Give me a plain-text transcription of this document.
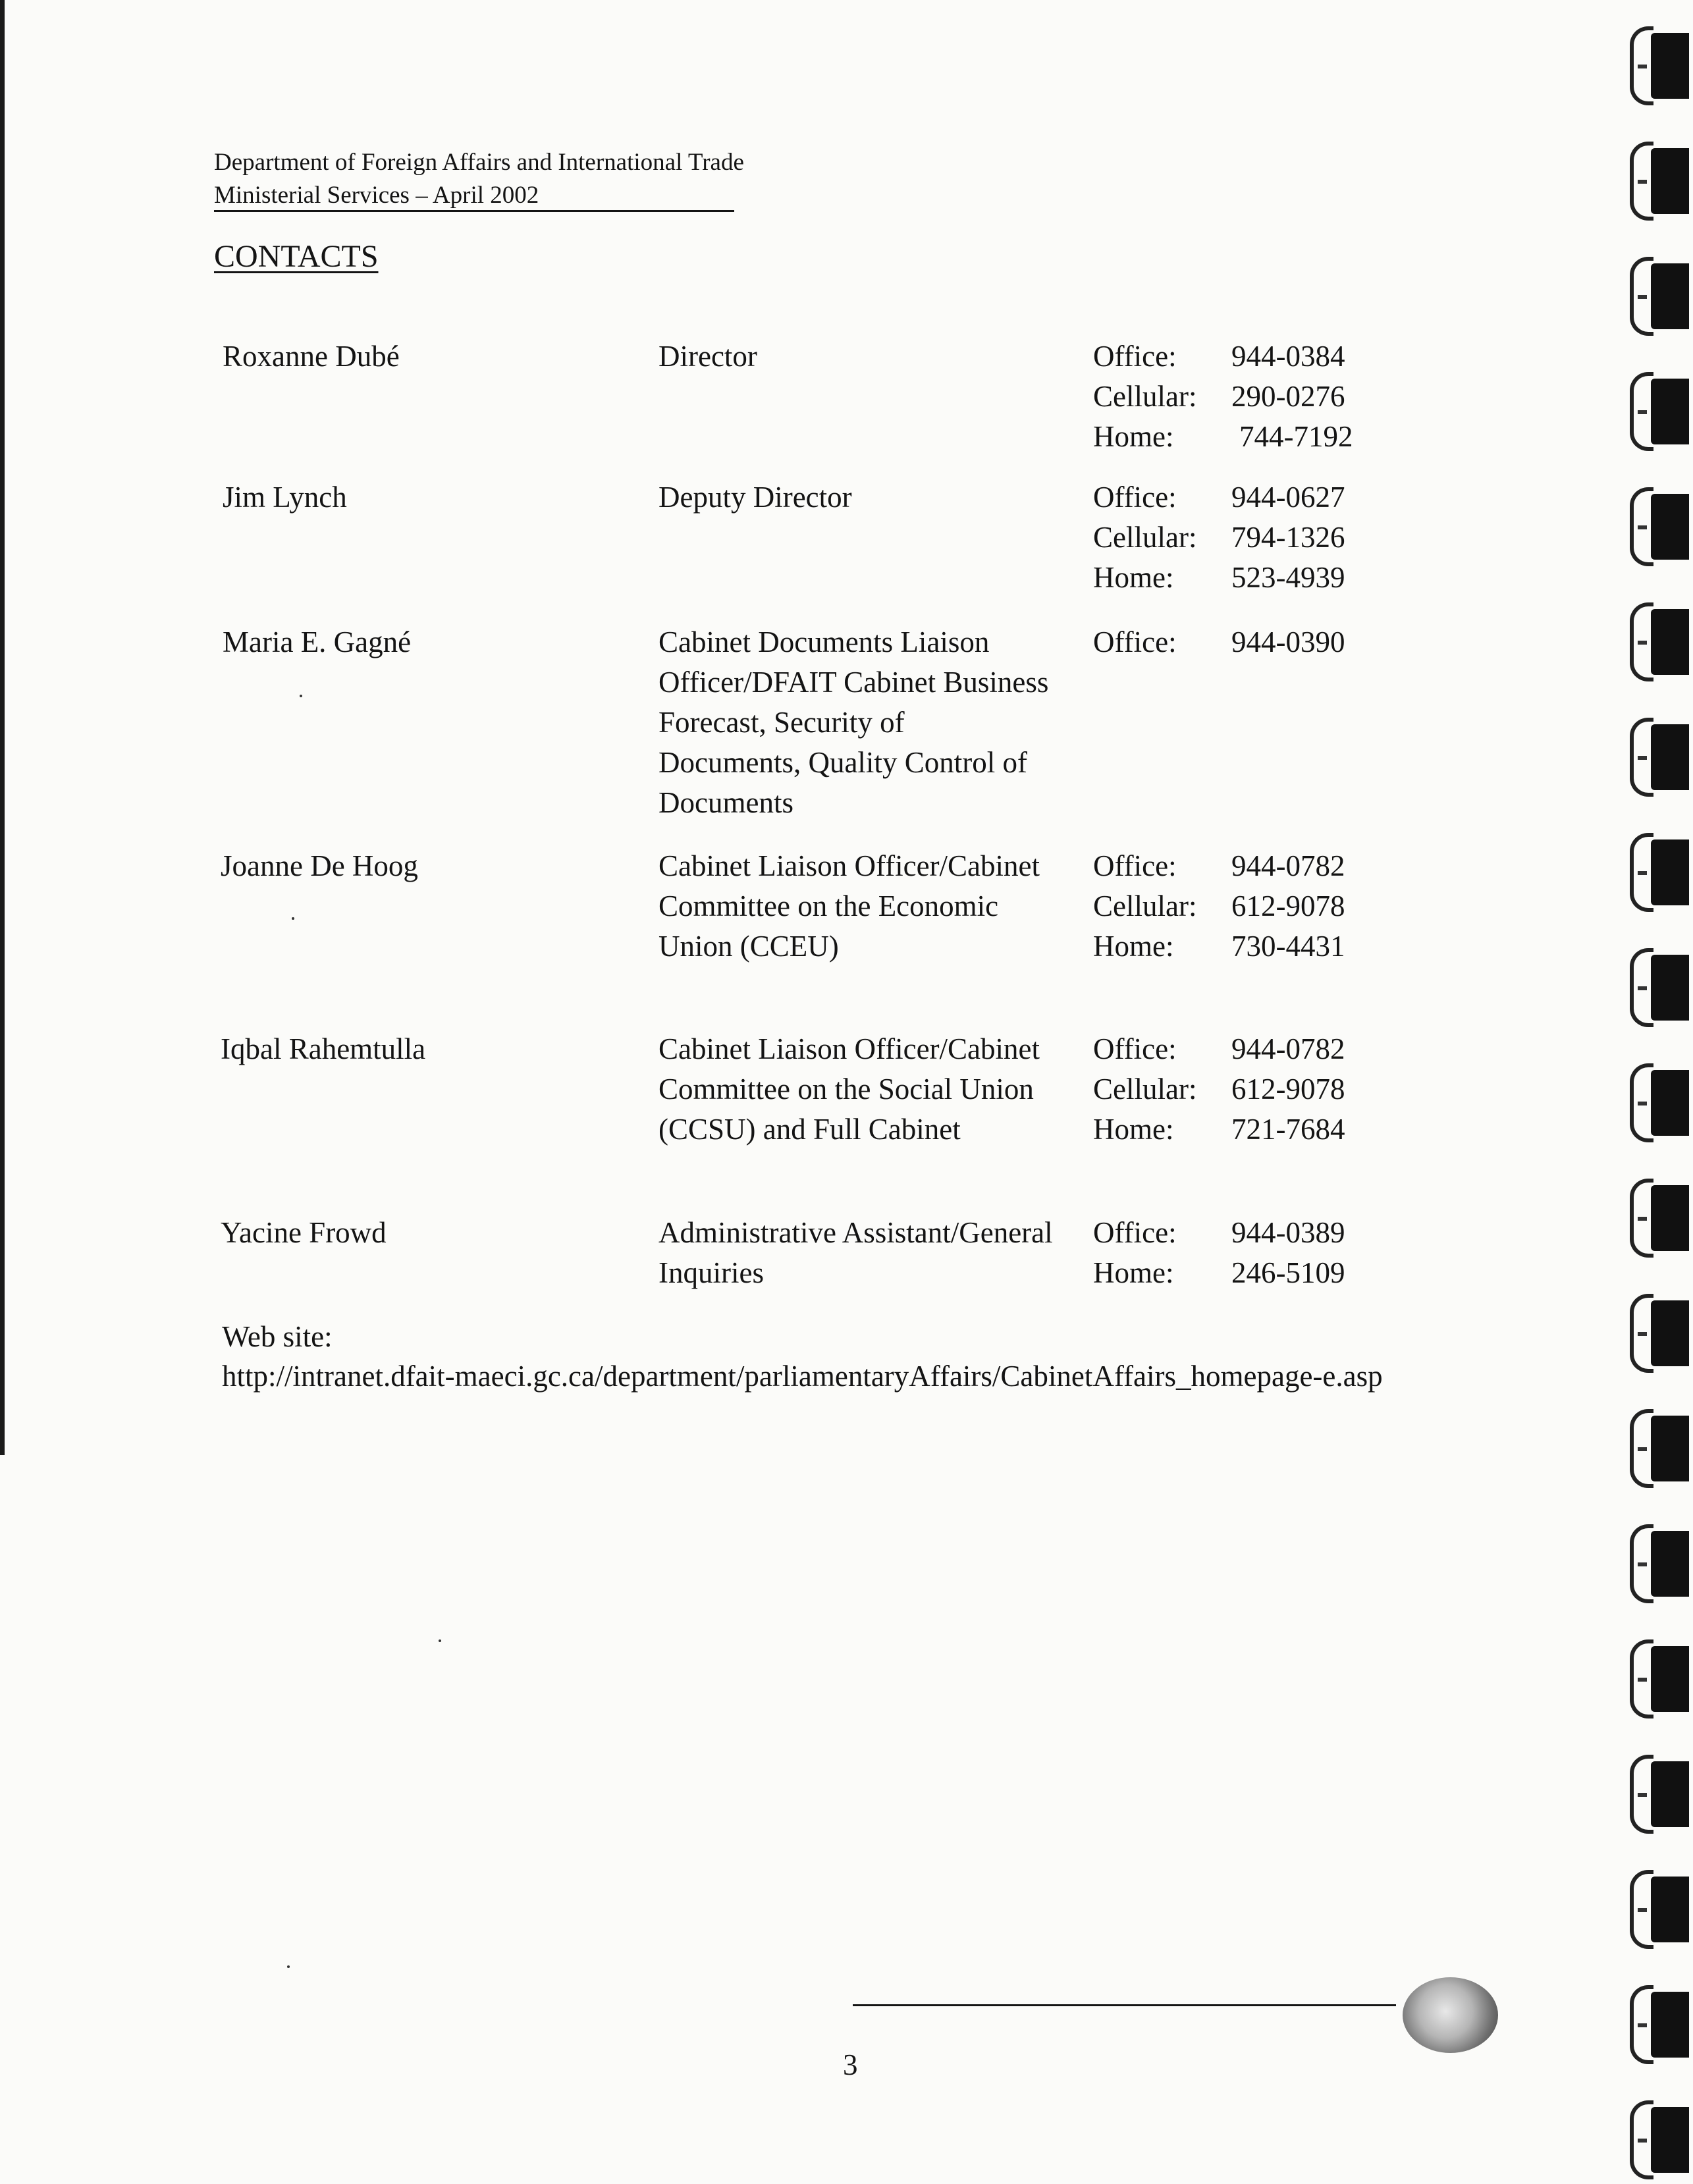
Department of Foreign Affairs and International Trade
Ministerial Services – April 2002
CONTACTS
Roxanne Dubé	Director	Office: 944-0384
Cellular: 290-0276
Home: 744-7192
Jim Lynch	Deputy Director	Office: 944-0627
Cellular: 794-1326
Home: 523-4939
Maria E. Gagné	Cabinet Documents Liaison Officer/DFAIT Cabinet Business Forecast, Security of Documents, Quality Control of Documents
Office: 944-0390
Joanne De Hoog	Cabinet Liaison Officer/Cabinet Committee on the Economic Union (CCEU)
Office: 944-0782
Cellular: 612-9078
Home: 730-4431
Iqbal Rahemtulla	Cabinet Liaison Officer/Cabinet Committee on the Social Union (CCSU) and Full Cabinet
Office: 944-0782
Cellular: 612-9078
Home: 721-7684
Yacine Frowd	Administrative Assistant/General Inquiries
Office: 944-0389
Home: 246-5109
Web site:
http://intranet.dfait-maeci.gc.ca/department/parliamentaryAffairs/CabinetAffairs_homepage-e.asp
3
